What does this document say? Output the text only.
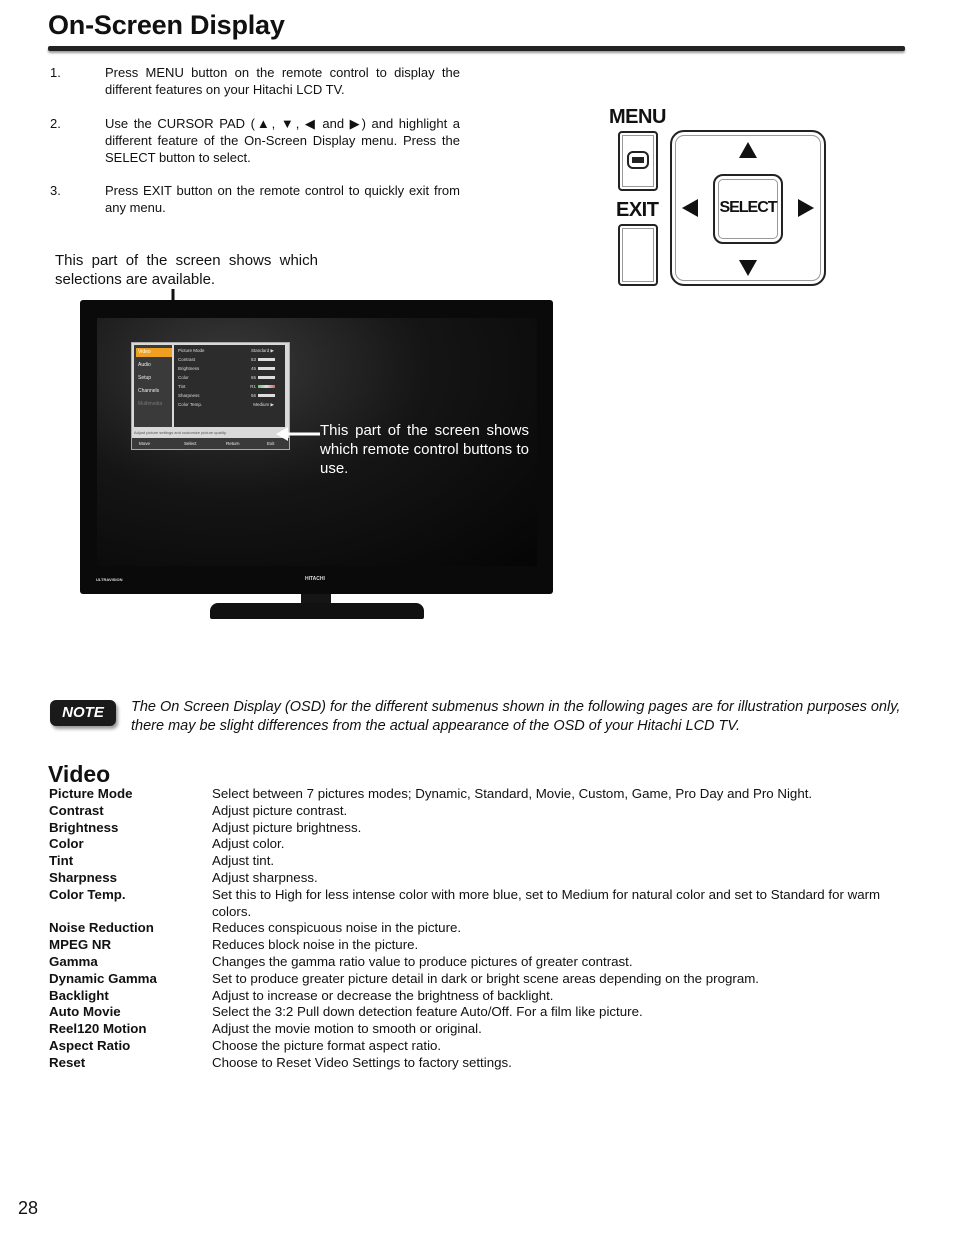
On-Screen Display
1.	Press MENU button on the remote control to display the different features on your Hitachi LCD TV.
2.	Use the CURSOR PAD (▲, ▼, ◀ and ▶) and highlight a different feature of the On-Screen Display menu. Press the SELECT button to select.
3.	Press EXIT button on the remote control to quickly exit from any menu.
MENU
EXIT	SELECT
This part of the screen shows which selections are available.
Video
Audio
Setup
Channels
Multimedia
Picture Mode	Standard ▶
Contrast	53
Brightness	45
Color	65
Tint	R1
Sharpness	56
Color Temp.	Medium ▶
Adjust picture settings and customize picture quality.
Move	Select	Return	Exit
ULTRAVISION	HITACHI
This part of the screen shows which remote control buttons to use.
NOTE	The On Screen Display (OSD) for the different submenus shown in the following pages are for illustration purposes only, there may be slight differences from the actual appearance of the OSD of your Hitachi LCD TV.
Video
Picture Mode	Select between 7 pictures modes; Dynamic, Standard, Movie, Custom, Game, Pro Day and Pro Night.
Contrast	Adjust picture contrast.
Brightness	Adjust picture brightness.
Color	Adjust color.
Tint	Adjust tint.
Sharpness	Adjust sharpness.
Color Temp.	Set this to High for less intense color with more blue, set to Medium for natural color and set to Standard for warm colors.
Noise Reduction	Reduces conspicuous noise in the picture.
MPEG NR	Reduces block noise in the picture.
Gamma	Changes the gamma ratio value to produce pictures of greater contrast.
Dynamic Gamma	Set to produce greater picture detail in dark or bright scene areas depending on the program.
Backlight	Adjust to increase or decrease the brightness of backlight.
Auto Movie	Select the 3:2 Pull down detection feature Auto/Off. For a film like picture.
Reel120 Motion	Adjust the movie motion to smooth or original.
Aspect Ratio	Choose the picture format aspect ratio.
Reset	Choose to Reset Video Settings to factory settings.
28
